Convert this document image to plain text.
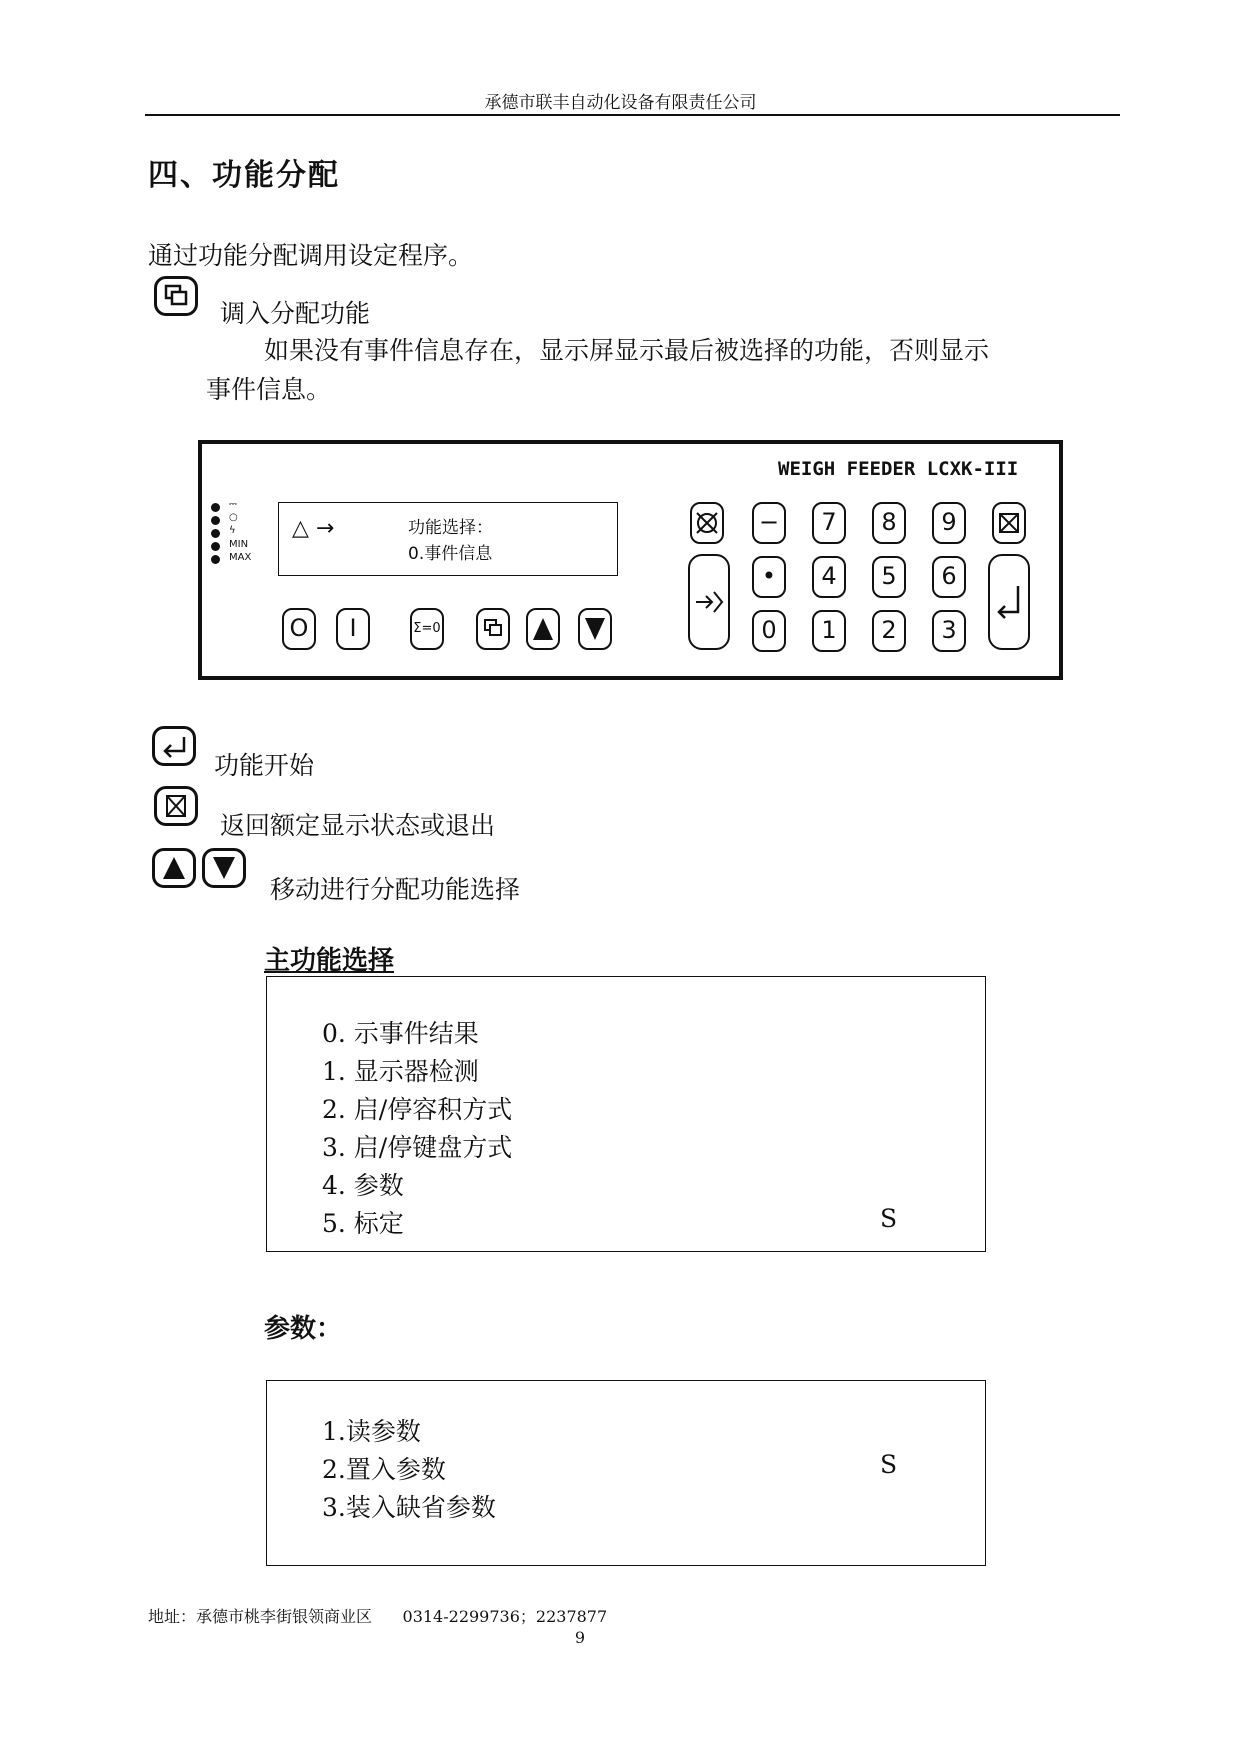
承德市联丰自动化设备有限责任公司
四、功能分配
通过功能分配调用设定程序。
调入分配功能
如果没有事件信息存在，显示屏显示最后被选择的功能，否则显示
事件信息。
WEIGH FEEDER LCXK-III
⎓
○
ϟ
MIN
MAX
△ →	功能选择：
0.事件信息
O	I	Σ=0
−	7	8	9
•	4	5	6
0	1	2	3
功能开始
返回额定显示状态或退出
移动进行分配功能选择
主功能选择
0. 示事件结果
1. 显示器检测
2. 启/停容积方式
3. 启/停键盘方式
4. 参数
5. 标定	S
参数：
1.读参数
2.置入参数
3.装入缺省参数
S
地址：承德市桃李街银领商业区      0314-2299736；2237877
9
